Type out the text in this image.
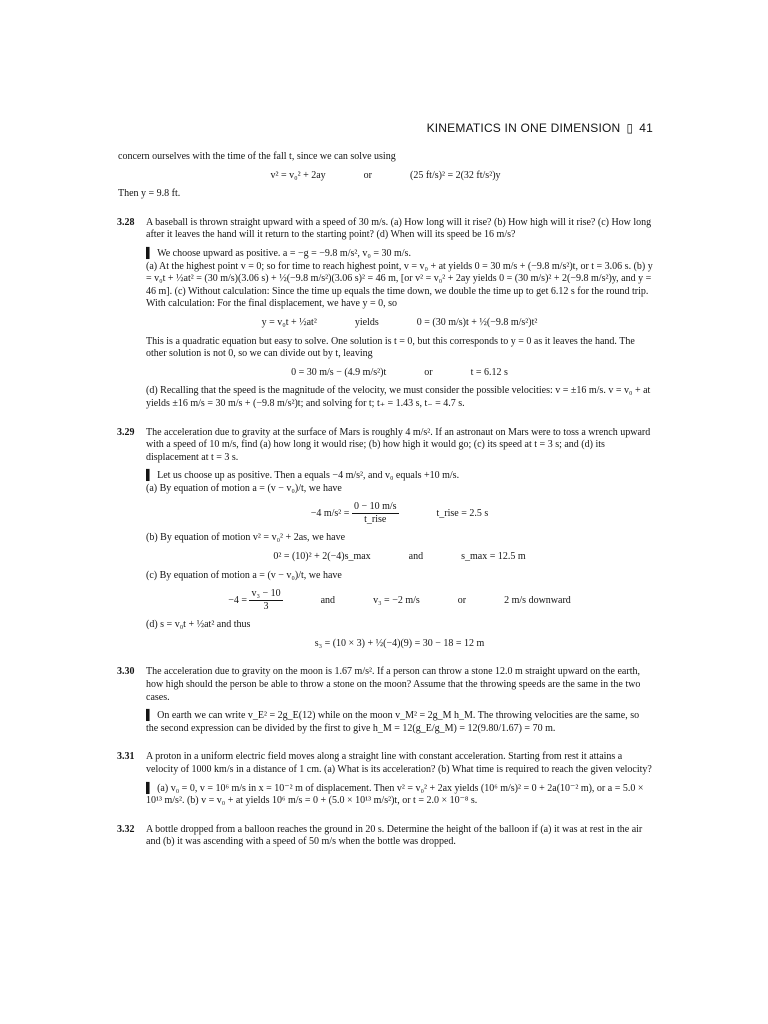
KINEMATICS IN ONE DIMENSION ▯ 41

concern ourselves with the time of the fall t, since we can solve using

v² = v₀² + 2ay	or	(25 ft/s)² = 2(32 ft/s²)y

Then y = 9.8 ft.

3.28 A baseball is thrown straight upward with a speed of 30 m/s. (a) How long will it rise? (b) How high will it rise? (c) How long after it leaves the hand will it return to the starting point? (d) When will its speed be 16 m/s?

▌ We choose upward as positive. a = −g = −9.8 m/s², v₀ = 30 m/s.

(a) At the highest point v = 0; so for time to reach highest point, v = v₀ + at yields 0 = 30 m/s + (−9.8 m/s²)t, or t = 3.06 s. (b) y = v₀t + ½at² = (30 m/s)(3.06 s) + ½(−9.8 m/s²)(3.06 s)² = 46 m, [or v² = v₀² + 2ay yields 0 = (30 m/s)² + 2(−9.8 m/s²)y, and y = 46 m]. (c) Without calculation: Since the time up equals the time down, we double the time up to get 6.12 s for the round trip. With calculation: For the final displacement, we have y = 0, so

y = v₀t + ½at²	yields	0 = (30 m/s)t + ½(−9.8 m/s²)t²

This is a quadratic equation but easy to solve. One solution is t = 0, but this corresponds to y = 0 as it leaves the hand. The other solution is not 0, so we can divide out by t, leaving

0 = 30 m/s − (4.9 m/s²)t	or	t = 6.12 s

(d) Recalling that the speed is the magnitude of the velocity, we must consider the possible velocities: v = ±16 m/s. v = v₀ + at yields ±16 m/s = 30 m/s + (−9.8 m/s²)t; and solving for t; t₊ = 1.43 s, t₋ = 4.7 s.

3.29 The acceleration due to gravity at the surface of Mars is roughly 4 m/s². If an astronaut on Mars were to toss a wrench upward with a speed of 10 m/s, find (a) how long it would rise; (b) how high it would go; (c) its speed at t = 3 s; and (d) its displacement at t = 3 s.

▌ Let us choose up as positive. Then a equals −4 m/s², and v₀ equals +10 m/s.

(a) By equation of motion a = (v − v₀)/t, we have

−4 $m/s^2 = \frac{0 - 10 m/s}{\text{t\_rise}}$	t_rise = 2.5 s

(b) By equation of motion v² = v₀² + 2as, we have

0² = (10)² + 2(−4)s_max	and	s_max = 12.5 m

(c) By equation of motion a = (v − v₀)/t, we have

$-4 = \frac{\text{v₃ − 10}}{3}$	and	v₃ = −2 m/s	or	2 m/s downward

(d) s = v₀t + ½at² and thus

s₃ = (10 × 3) + ½(−4)(9) = 30 − 18 = 12 m
3.30 The acceleration due to gravity on the moon is 1.67 m/s². If a person can throw a stone 12.0 m straight upward on the earth, how high should the person be able to throw a stone on the moon? Assume that the throwing speeds are the same in the two cases.

▌ On earth we can write v_E² = 2g_E(12) while on the moon v_M² = 2g_M h_M. The throwing velocities are the same, so the second expression can be divided by the first to give h_M = 12(g_E/g_M) = 12(9.80/1.67) = 70 m.

3.31 A proton in a uniform electric field moves along a straight line with constant acceleration. Starting from rest it attains a velocity of 1000 km/s in a distance of 1 cm. (a) What is its acceleration? (b) What time is required to reach the given velocity?

▌ (a) v₀ = 0, v = 10⁶ m/s in x = 10⁻² m of displacement. Then v² = v₀² + 2ax yields (10⁶ m/s)² = 0 + 2a(10⁻² m), or a = 5.0 × 10¹³ m/s². (b) v = v₀ + at yields 10⁶ m/s = 0 + (5.0 × 10¹³ m/s²)t, or t = 2.0 × 10⁻⁸ s.

3.32 A bottle dropped from a balloon reaches the ground in 20 s. Determine the height of the balloon if (a) it was at rest in the air and (b) it was ascending with a speed of 50 m/s when the bottle was dropped.
